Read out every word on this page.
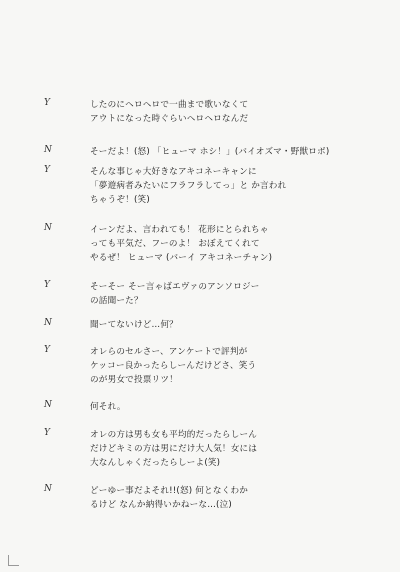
Y	したのにヘロヘロで一曲まで歌いなくて
アウトになった時ぐらいヘロヘロなんだ
N	そーだよ！(怒) 「ヒューマ ホシ！」(バイオズマ・野獣ロボ)
Y	そんな事じゃ大好きなアキコネーキャンに
「夢遊病者みたいにフラフラしてっ」と か言われ
ちゃうぞ！(笑)
N	イーンだよ、言われても！ 花形にとられちゃ
っても平気だ、フーのよ！ おぼえてくれて
やるぜ！ ヒューマ (バーイ アキコネーチャン)
Y	そーそー そー言ゃばエヴァのアンソロジー
の話聞ーた？
N	聞ーてないけど…何？
Y	オレらのセルさー、アンケートで評判が
ケッコー良かったらしーんだけどさ、笑う
のが男女で投票リツ！
N	何それ。
Y	オレの方は男も女も平均的だったらしーん
だけどキミの方は男にだけ大人気！女には
大なんしゃくだったらしーよ(笑)
N	どーゆー事だよそれ!!(怒) 何となくわか
るけど なんか納得いかねーな…(泣)
